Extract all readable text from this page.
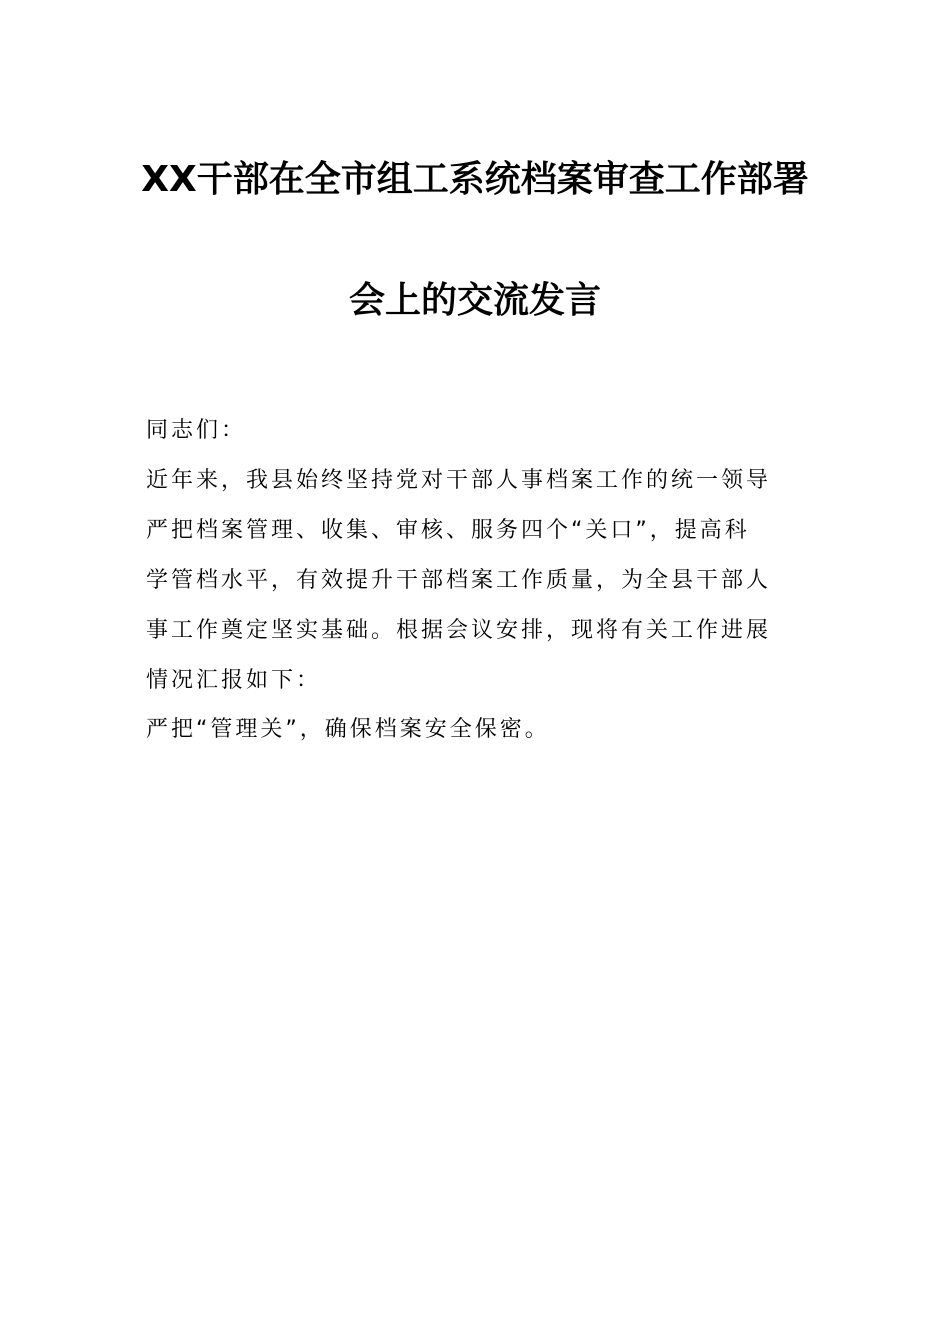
XX干部在全市组工系统档案审查工作部署
会上的交流发言
同志们：
近年来，我县始终坚持党对干部人事档案工作的统一领导
严把档案管理、收集、审核、服务四个“关口”，提高科
学管档水平，有效提升干部档案工作质量，为全县干部人
事工作奠定坚实基础。根据会议安排，现将有关工作进展
情况汇报如下：
严把“管理关”，确保档案安全保密。
